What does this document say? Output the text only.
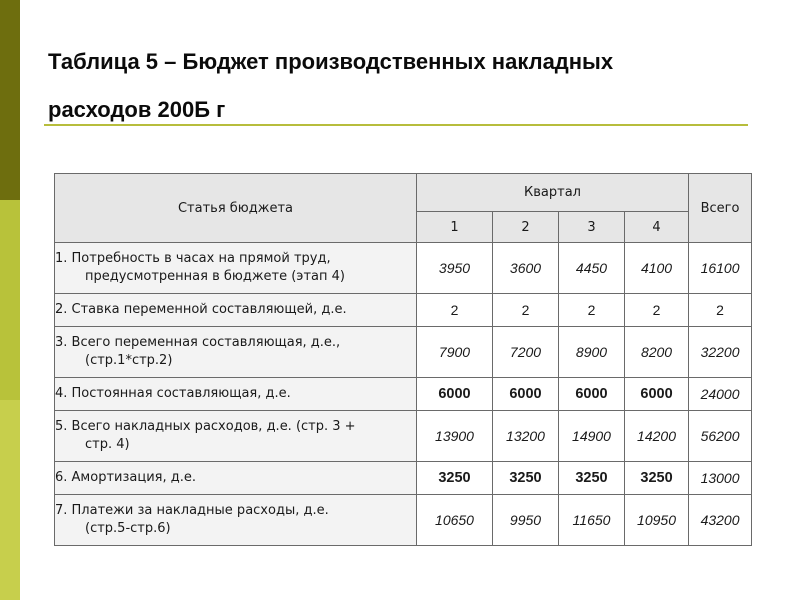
Таблица 5 – Бюджет производственных накладных
расходов 200Б г
Статья бюджета	Квартал				Всего
	1	2	3	4	
1. Потребность в часах на прямой труд,
предусмотренная в бюджете (этап 4)	3950	3600	4450	4100	16100
2. Ставка переменной составляющей, д.е.	2	2	2	2	2
3. Всего переменная составляющая, д.е.,
(стр.1*стр.2)	7900	7200	8900	8200	32200
4. Постоянная составляющая, д.е.	6000	6000	6000	6000	24000
5. Всего накладных расходов, д.е. (стр. 3 +
стр. 4)	13900	13200	14900	14200	56200
6. Амортизация, д.е.	3250	3250	3250	3250	13000
7. Платежи за накладные расходы, д.е.
(стр.5-стр.6)	10650	9950	11650	10950	43200
